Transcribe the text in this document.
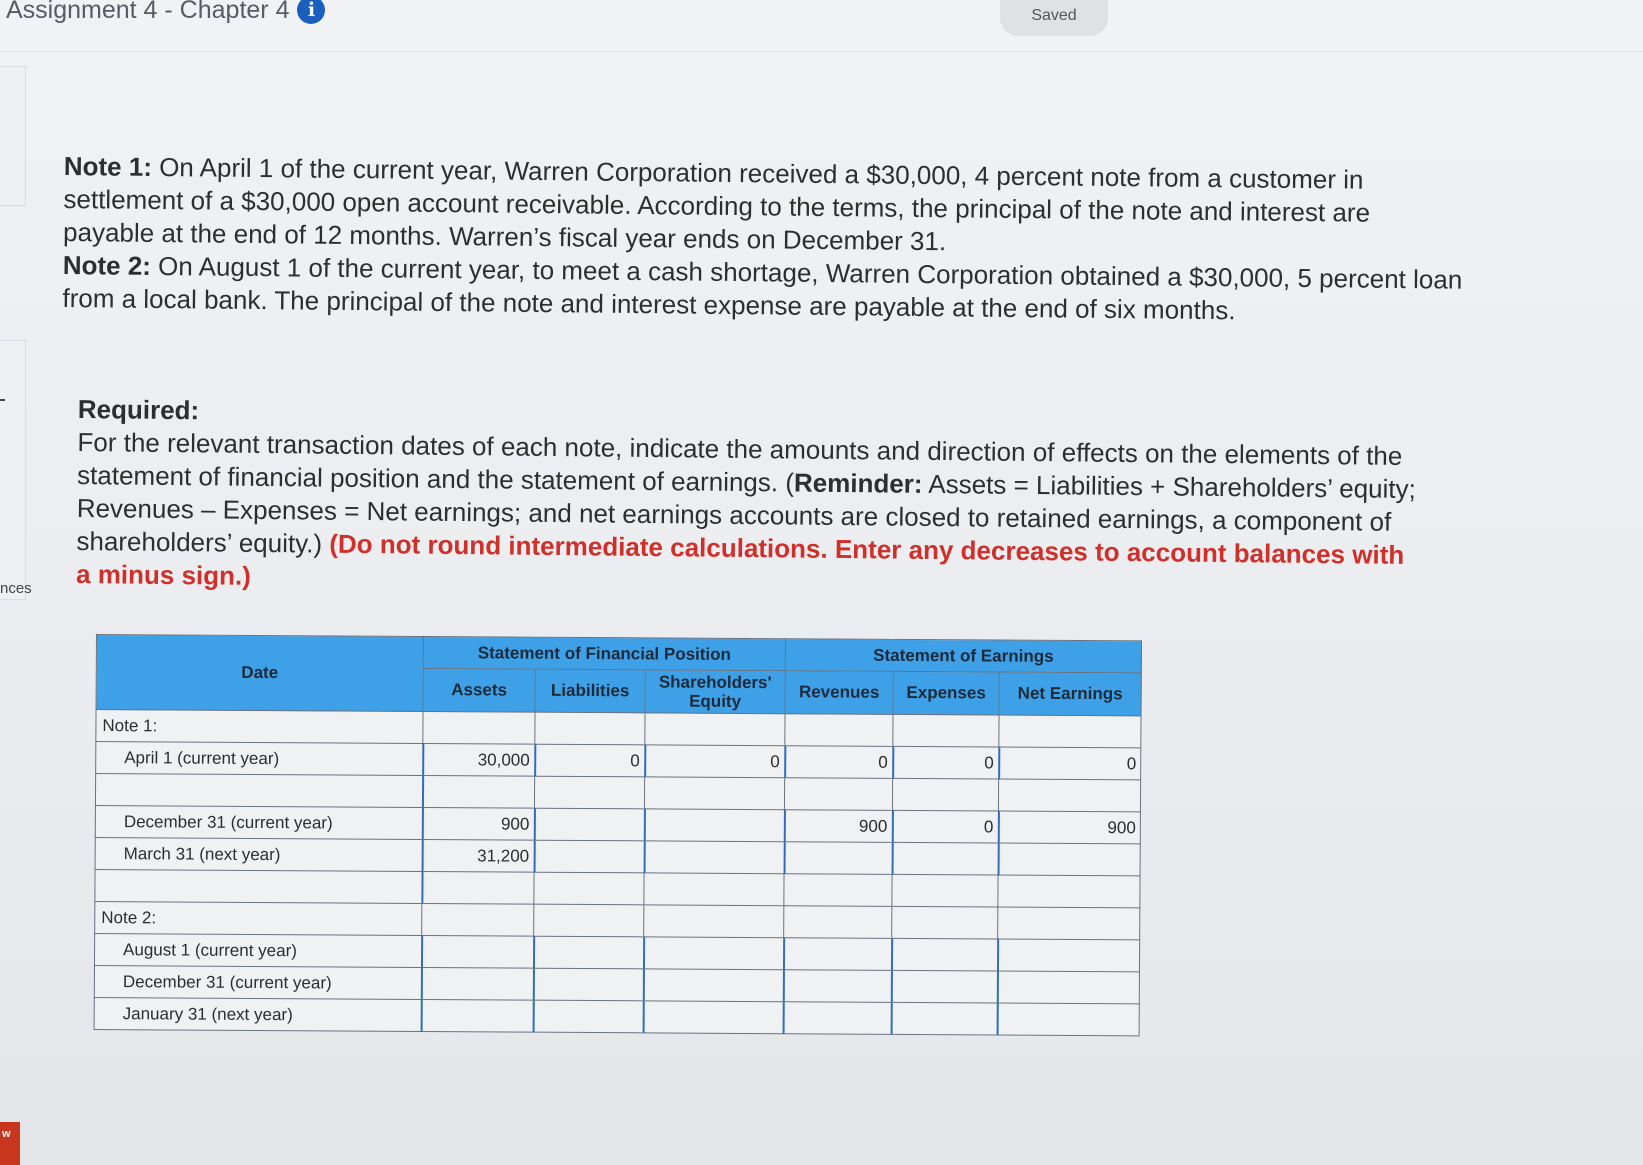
Assignment 4 - Chapter 4 i	Saved
nces
w

Note 1: On April 1 of the current year, Warren Corporation received a $30,000, 4 percent note from a customer in settlement of a $30,000 open account receivable. According to the terms, the principal of the note and interest are payable at the end of 12 months. Warren’s fiscal year ends on December 31.

Note 2: On August 1 of the current year, to meet a cash shortage, Warren Corporation obtained a $30,000, 5 percent loan from a local bank. The principal of the note and interest expense are payable at the end of six months.

Required:
For the relevant transaction dates of each note, indicate the amounts and direction of effects on the elements of the statement of financial position and the statement of earnings. (Reminder: Assets = Liabilities + Shareholders’ equity; Revenues – Expenses = Net earnings; and net earnings accounts are closed to retained earnings, a component of shareholders’ equity.) (Do not round intermediate calculations. Enter any decreases to account balances with a minus sign.)
Date	Statement of Financial Position			Statement of Earnings		
	Assets	Liabilities	Shareholders' Equity	Revenues	Expenses	Net Earnings
Note 1:						
April 1 (current year)	30,000	0	0	0	0	0

December 31 (current year)	900			900	0	900
March 31 (next year)	31,200					

Note 2:						
August 1 (current year)						
December 31 (current year)						
January 31 (next year)						
